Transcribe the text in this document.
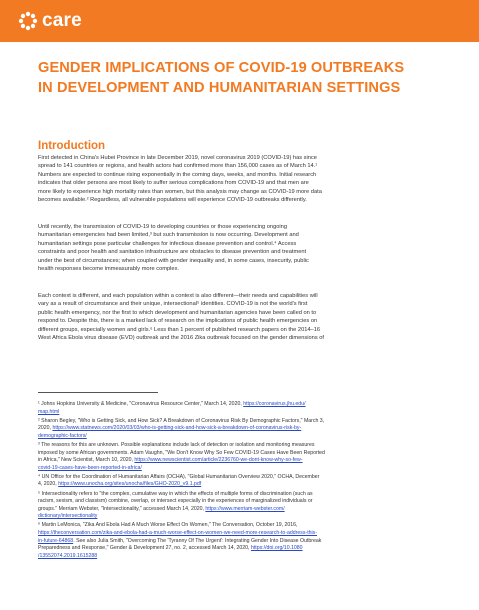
care
GENDER IMPLICATIONS OF COVID-19 OUTBREAKS
IN DEVELOPMENT AND HUMANITARIAN SETTINGS
Introduction
First detected in China's Hubei Province in late December 2019, novel coronavirus 2019 (COVID-19) has since
spread to 141 countries or regions, and health actors had confirmed more than 156,000 cases as of March 14.¹
Numbers are expected to continue rising exponentially in the coming days, weeks, and months. Initial research
indicates that older persons are most likely to suffer serious complications from COVID-19 and that men are
more likely to experience high mortality rates than women, but this analysis may change as COVID-19 more data
becomes available.² Regardless, all vulnerable populations will experience COVID-19 outbreaks differently.
Until recently, the transmission of COVID-19 to developing countries or those experiencing ongoing
humanitarian emergencies had been limited,³ but such transmission is now occurring. Development and
humanitarian settings pose particular challenges for infectious disease prevention and control.⁴ Access
constraints and poor health and sanitation infrastructure are obstacles to disease prevention and treatment
under the best of circumstances; when coupled with gender inequality and, in some cases, insecurity, public
health responses become immeasurably more complex.
Each context is different, and each population within a context is also different—their needs and capabilities will
vary as a result of circumstance and their unique, intersectional⁵ identities. COVID-19 is not the world's first
public health emergency, nor the first to which development and humanitarian agencies have been called on to
respond to. Despite this, there is a marked lack of research on the implications of public health emergencies on
different groups, especially women and girls.⁶ Less than 1 percent of published research papers on the 2014–16
West Africa Ebola virus disease (EVD) outbreak and the 2016 Zika outbreak focused on the gender dimensions of
¹ Johns Hopkins University & Medicine, "Coronavirus Resource Center," March 14, 2020, https://coronavirus.jhu.edu/
map.html
² Sharon Begley, "Who is Getting Sick, and How Sick? A Breakdown of Coronavirus Risk By Demographic Factors," March 3,
2020, https://www.statnews.com/2020/03/03/who-is-getting-sick-and-how-sick-a-breakdown-of-coronavirus-risk-by-
demographic-factors/
³ The reasons for this are unknown. Possible explanations include lack of detection or isolation and monitoring measures
imposed by some African governments. Adam Vaughn, "We Don't Know Why So Few COVID-19 Cases Have Been Reported
in Africa," New Scientist, March 10, 2020, https://www.newscientist.com/article/2236760-we-dont-know-why-so-few-
covid-19-cases-have-been-reported-in-africa/
⁴ UN Office for the Coordination of Humanitarian Affairs (OCHA), "Global Humanitarian Overview 2020," OCHA, December
4, 2020, https://www.unocha.org/sites/unocha/files/GHO-2020_v9.1.pdf
⁵ Intersectionality refers to "the complex, cumulative way in which the effects of multiple forms of discrimination (such as
racism, sexism, and classism) combine, overlap, or intersect especially in the experiences of marginalized individuals or
groups." Merriam Webster, "Intersectionality," accessed March 14, 2020, https://www.merriam-webster.com/
dictionary/intersectionality
⁶ Martin LeMonica, "Zika And Ebola Had A Much Worse Effect On Women," The Conversation, October 19, 2016,
https://theconversation.com/zika-and-ebola-had-a-much-worse-effect-on-women-we-need-more-research-to-address-this-
in-future-64868. See also Julia Smith, "Overcoming The 'Tyranny Of The Urgent': Integrating Gender Into Disease Outbreak
Preparedness and Response," Gender & Development 27, no. 2, accessed March 14, 2020, https://doi.org/10.1080
/13552074.2019.1615288
